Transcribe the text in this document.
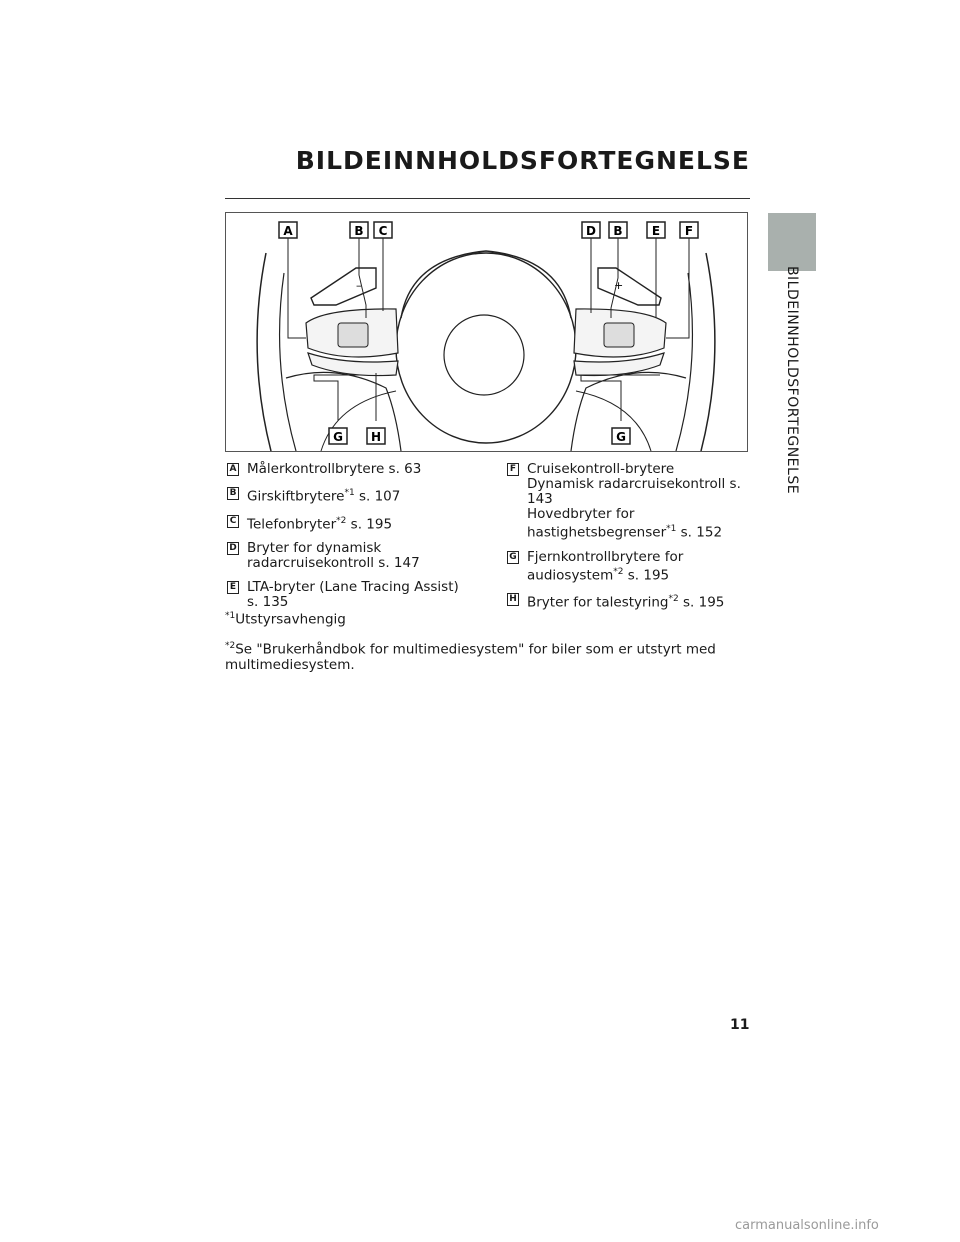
BILDEINNHOLDSFORTEGNELSE
BILDEINNHOLDSFORTEGNELSE
–	+
A	B C	D B E F
G H	G
A Målerkontrollbrytere s. 63
B Girskiftbrytere$^{*1}$ s. 107
C Telefonbryter$^{*2}$ s. 195
D Bryter for dynamisk
radarcruisekontroll s. 147
E LTA-bryter (Lane Tracing Assist)
s. 135
F Cruisekontroll-brytere
Dynamisk radarcruisekontroll s. 143
Hovedbryter for
hastighetsbegrenser$^{*1}$ s. 152
G Fjernkontrollbrytere for
audiosystem$^{*2}$ s. 195
H Bryter for talestyring$^{*2}$ s. 195
$^{*1}$Utstyrsavhengig
$^{*2}$Se "Brukerhåndbok for multimediesystem" for biler som er utstyrt med multimediesystem.
11
carmanualsonline.info
